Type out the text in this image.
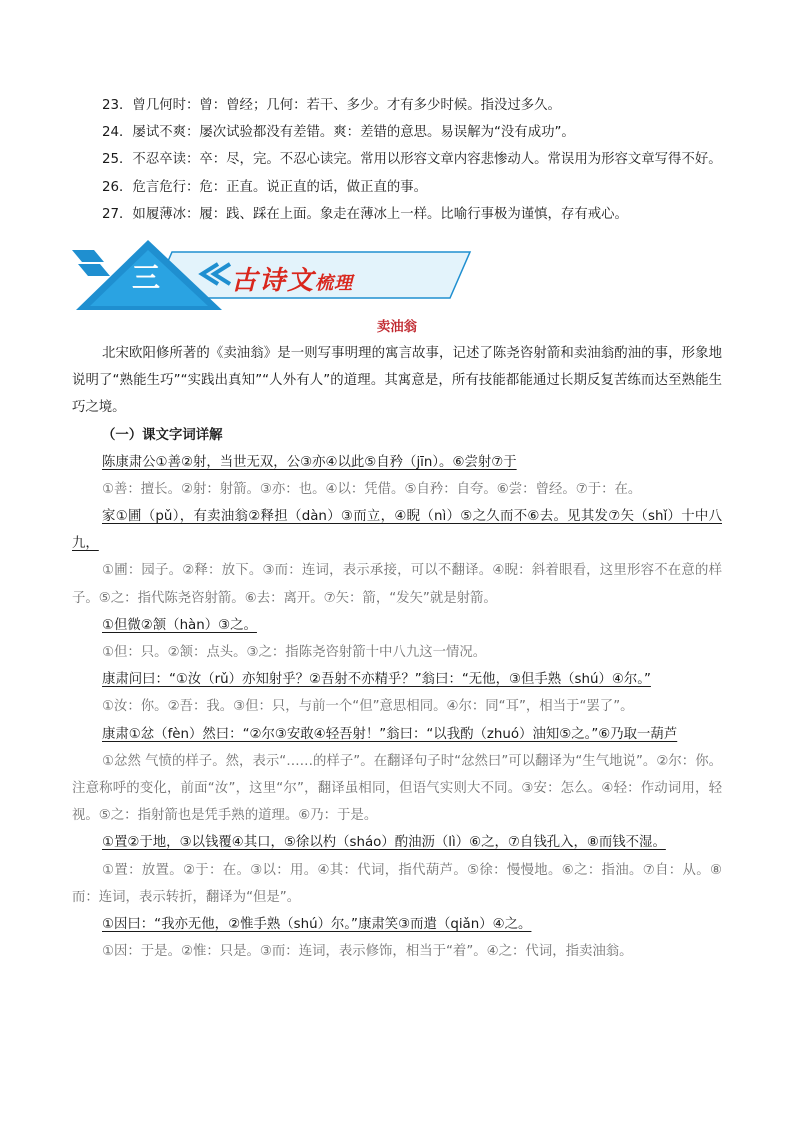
23．曾几何时：曾：曾经；几何：若干、多少。才有多少时候。指没过多久。

24．屡试不爽：屡次试验都没有差错。爽：差错的意思。易误解为“没有成功”。

25．不忍卒读：卒：尽，完。不忍心读完。常用以形容文章内容悲惨动人。常误用为形容文章写得不好。

26．危言危行：危：正直。说正直的话，做正直的事。

27．如履薄冰：履：践、踩在上面。象走在薄冰上一样。比喻行事极为谨慎，存有戒心。

三	古诗文梳理

卖油翁

北宋欧阳修所著的《卖油翁》是一则写事明理的寓言故事，记述了陈尧咨射箭和卖油翁酌油的事，形象地说明了“熟能生巧”“实践出真知”“人外有人”的道理。其寓意是，所有技能都能通过长期反复苦练而达至熟能生巧之境。

（一）课文字词详解

陈康肃公①善②射，当世无双，公③亦④以此⑤自矜（jīn）。⑥尝射⑦于

①善：擅长。②射：射箭。③亦：也。④以：凭借。⑤自矜：自夸。⑥尝：曾经。⑦于：在。

家①圃（pǔ），有卖油翁②释担（dàn）③而立，④睨（nì）⑤之久而不⑥去。见其发⑦矢（shǐ）十中八九，

①圃：园子。②释：放下。③而：连词，表示承接，可以不翻译。④睨：斜着眼看，这里形容不在意的样子。⑤之：指代陈尧咨射箭。⑥去：离开。⑦矢：箭，“发矢”就是射箭。

①但微②颔（hàn）③之。

①但：只。②颔：点头。③之：指陈尧咨射箭十中八九这一情况。

康肃问曰：“①汝（rǔ）亦知射乎？②吾射不亦精乎？”翁曰：“无他，③但手熟（shú）④尔。”

①汝：你。②吾：我。③但：只，与前一个“但”意思相同。④尔：同“耳”，相当于“罢了”。

康肃①忿（fèn）然曰：“②尔③安敢④轻吾射！”翁曰：“以我酌（zhuó）油知⑤之。”⑥乃取一葫芦

①忿然 气愤的样子。然，表示“……的样子”。在翻译句子时“忿然曰”可以翻译为“生气地说”。②尔：你。注意称呼的变化，前面“汝”，这里“尔”，翻译虽相同，但语气实则大不同。③安：怎么。④轻：作动词用，轻视。⑤之：指射箭也是凭手熟的道理。⑥乃：于是。

①置②于地，③以钱覆④其口，⑤徐以杓（sháo）酌油沥（lì）⑥之，⑦自钱孔入，⑧而钱不湿。

①置：放置。②于：在。③以：用。④其：代词，指代葫芦。⑤徐：慢慢地。⑥之：指油。⑦自：从。⑧而：连词，表示转折，翻译为“但是”。

①因曰：“我亦无他，②惟手熟（shú）尔。”康肃笑③而遣（qiǎn）④之。

①因：于是。②惟：只是。③而：连词，表示修饰，相当于“着”。④之：代词，指卖油翁。
